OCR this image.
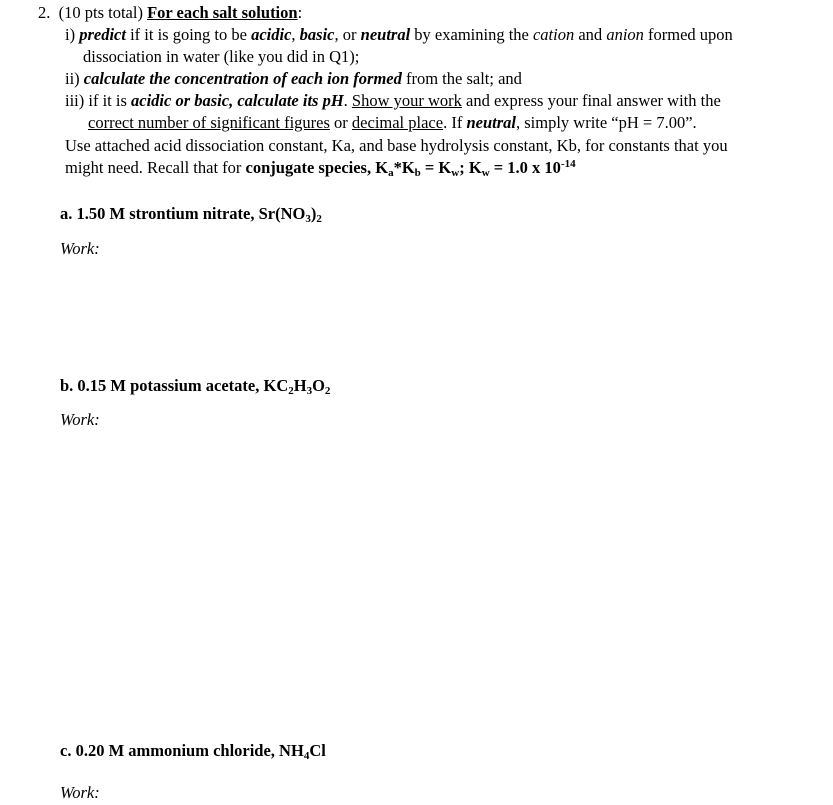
2. (10 pts total) For each salt solution:
i) predict if it is going to be acidic, basic, or neutral by examining the cation and anion formed upon
dissociation in water (like you did in Q1);
ii) calculate the concentration of each ion formed from the salt; and
iii) if it is acidic or basic, calculate its pH. Show your work and express your final answer with the
correct number of significant figures or decimal place. If neutral, simply write “pH = 7.00”.
Use attached acid dissociation constant, Ka, and base hydrolysis constant, Kb, for constants that you
might need. Recall that for conjugate species, $K_a*K_b = K_w$; $K_w = 1.0$ x $10^{-14}$
a. 1.50 M strontium nitrate, $Sr(NO_3)_2$
Work:
b. 0.15 M potassium acetate, $KC_2H_3O_2$
Work:
c. 0.20 M ammonium chloride, $NH_4Cl$
Work:
